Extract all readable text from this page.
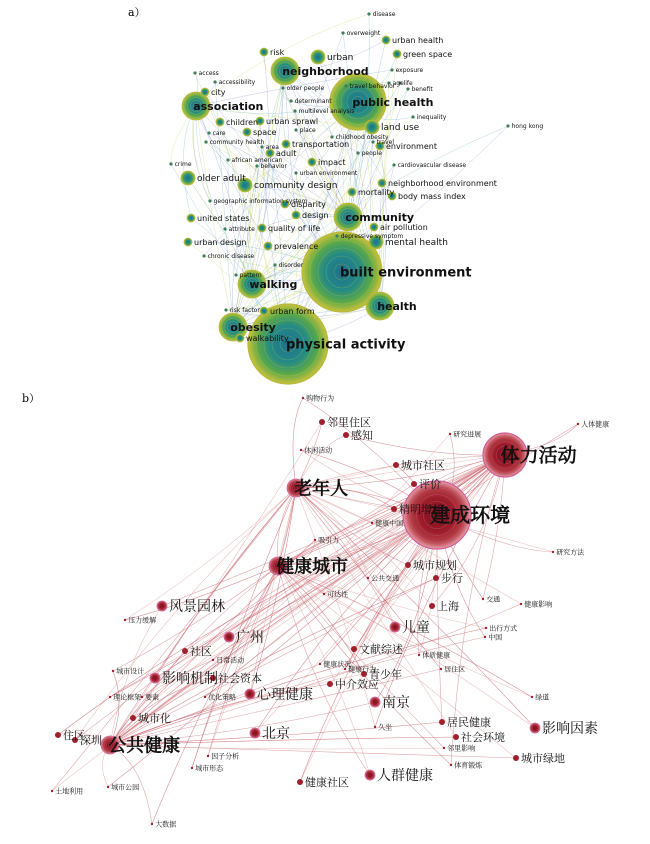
a）
b）
built environment
physical activity
public health
association
walking
obesity
health
community
neighborhood
mental health
older adult
urban
risk
land use
environment
community design
body mass index
neighborhood environment
urban sprawl
transportation
adult
impact
disparity
design
mortality
air pollution
united states
prevalence
urban form
city
children
green space
urban health
quality of life
urban design
walkability
space
disease
overweight
exposure
access
accessibility	age life
benefit
older people	travel behavior
determinant
multilevel analysis
inequality
hong kong
care
community health
area
place
childhood obesity
travel
people
crime
african american
behavior
urban environment
cardiovascular disease
geographic information system
attribute
depressive symptom
chronic disease
disorder
pattern
risk factor
建成环境
体力活动
公共健康
健康城市
老年人
心理健康
风景园林
影响机制
影响因素
儿童
南京
北京
人群健康
广州
城市社区
城市规划
精明增长
感知
邻里住区
步行
青少年
文献综述
居民健康
健康社区
深圳
社区
住区
城市化
社会资本
社会环境
上海
评价
中介效应
城市绿地
购物行为
休闲活动
研究进展
人体健康
健康中国
研究方法
吸引力
公共交通
可达性
交通
出行方式
健康影响
中国
压力缓解
日常活动	健康状况
健康行为
体质健康
居住区
理论框架 要素
城市设计
优化策略
因子分析
城市形态
城市公园
土地利用
大数据
久坐
邻里影响
体育锻炼
绿道
